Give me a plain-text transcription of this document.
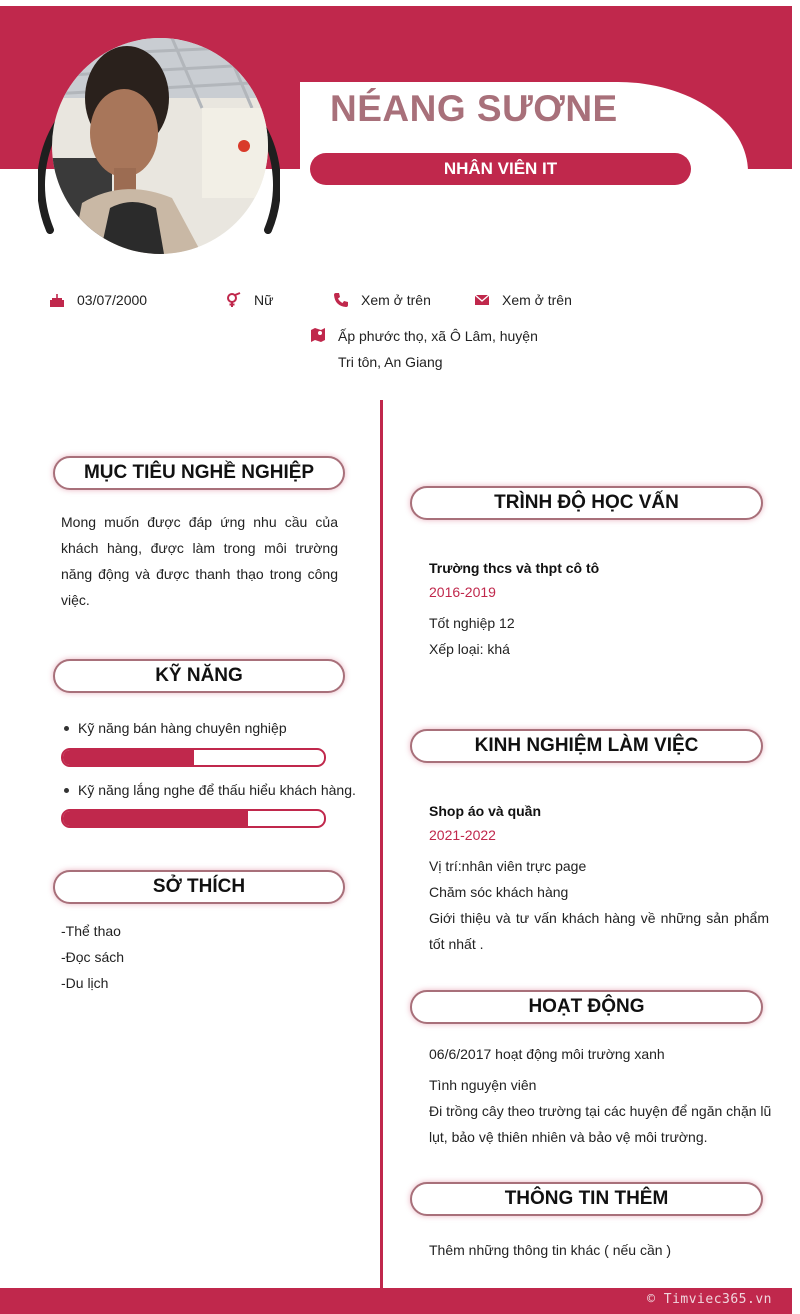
NÉANG SƯƠNE
NHÂN VIÊN IT
03/07/2000	Nữ	Xem ở trên	Xem ở trên
Ấp phước thọ, xã Ô Lâm, huyện
Tri tôn, An Giang
MỤC TIÊU NGHỀ NGHIỆP
Mong muốn được đáp ứng nhu cầu của
khách hàng, được làm trong môi trường
năng động và được thanh thạo trong công
việc.
KỸ NĂNG
Kỹ năng bán hàng chuyên nghiệp
Kỹ năng lắng nghe để thấu hiểu khách hàng.
SỞ THÍCH
-Thể thao
-Đọc sách
-Du lịch
TRÌNH ĐỘ HỌC VẤN
Trường thcs và thpt cô tô
2016-2019
Tốt nghiệp 12
Xếp loại: khá
KINH NGHIỆM LÀM VIỆC
Shop áo và quần
2021-2022
Vị trí:nhân viên trực page
Chăm sóc khách hàng
Giới thiệu và tư vấn khách hàng về những sản phẩm
tốt nhất .
HOẠT ĐỘNG
06/6/2017 hoạt động môi trường xanh
Tình nguyện viên
Đi trồng cây theo trường tại các huyện để ngăn chặn lũ
lụt, bảo vệ thiên nhiên và bảo vệ môi trường.
THÔNG TIN THÊM
Thêm những thông tin khác ( nếu cần )
© Timviec365.vn
